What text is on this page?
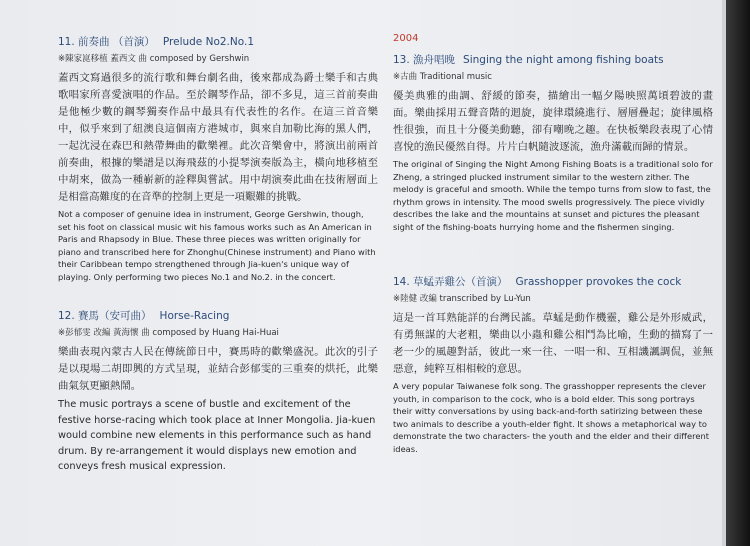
11. 前奏曲 （首演） Prelude No2.No.1
※陳家崑移植 蓋西文 曲 composed by Gershwin
蓋西文寫過很多的流行歌和舞台劇名曲，後來都成為爵士樂手和古典歌唱家所喜愛演唱的作品。至於鋼琴作品，卻不多見，這三首前奏曲是他極少數的鋼琴獨奏作品中最具有代表性的名作。在這三首音樂中，似乎來到了紐澳良這個南方港城市，與來自加勒比海的黑人們，一起沈浸在森巴和熱帶舞曲的歡樂裡。此次音樂會中，將演出前兩首前奏曲，根據的樂譜是以海飛茲的小提琴演奏版為主，橫向地移植至中胡來，做為一種嶄新的詮釋與嘗試。用中胡演奏此曲在技術層面上是相當高難度的在音準的控制上更是一項艱難的挑戰。
Not a composer of genuine idea in instrument, George Gershwin, though, set his foot on classical music wit his famous works such as An American in Paris and Rhapsody in Blue. These three pieces was written originally for piano and transcribed here for Zhonghu(Chinese instrument) and Piano with their Caribbean tempo strengthened through Jia-kuen's unique way of playing. Only performing two pieces No.1 and No.2. in the concert.
12. 賽馬（安可曲） Horse-Racing
※彭郁雯 改編 黃海懷 曲 composed by Huang Hai-Huai
樂曲表現內蒙古人民在傳統節日中，賽馬時的歡樂盛況。此次的引子是以現場二胡即興的方式呈現，並結合彭郁雯的三重奏的烘托，此樂曲氣氛更顯熱鬧。
The music portrays a scene of bustle and excitement of the festive horse-racing which took place at Inner Mongolia. Jia-kuen would combine new elements in this performance such as hand drum. By re-arrangement it would displays new emotion and conveys fresh musical expression.
2004
13. 漁舟唱晚 Singing the night among fishing boats
※古曲 Traditional music
優美典雅的曲調、舒緩的節奏，描繪出一幅夕陽映照萬頃碧波的畫面。樂曲採用五聲音階的迴旋，旋律環繞進行、層層疊起；旋律風格性很強，而且十分優美動聽，卻有嘲晚之趣。在快板樂段表現了心情喜悅的漁民優然自得。片片白帆隨波逐流，漁舟滿載而歸的情景。
The original of Singing the Night Among Fishing Boats is a traditional solo for Zheng, a stringed plucked instrument similar to the western zither. The melody is graceful and smooth. While the tempo turns from slow to fast, the rhythm grows in intensity. The mood swells progressively. The piece vividly describes the lake and the mountains at sunset and pictures the pleasant sight of the fishing-boats hurrying home and the fishermen singing.
14. 草蜢弄雞公（首演） Grasshopper provokes the cock
※陸健 改編 transcribed by Lu-Yun
這是一首耳熟能詳的台灣民謠。草蜢是動作機靈，雞公是外形威武，有勇無謀的大老粗，樂曲以小蟲和雞公相鬥為比喻，生動的描寫了一老一少的風趣對話，彼此一來一往、一唱一和、互相譏諷調侃，並無惡意，純粹互相相較的意思。
A very popular Taiwanese folk song. The grasshopper represents the clever youth, in comparison to the cock, who is a bold elder. This song portrays their witty conversations by using back-and-forth satirizing between these two animals to describe a youth-elder fight. It shows a metaphorical way to demonstrate the two characters- the youth and the elder and their different ideas.
